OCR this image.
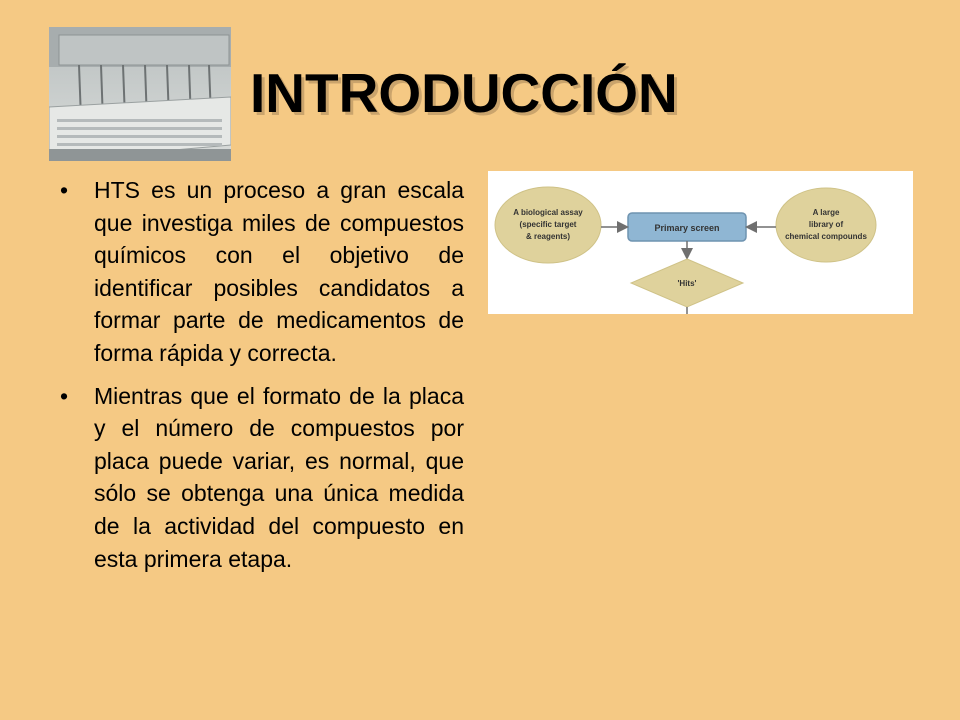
INTRODUCCIÓN
•	HTS es un proceso a gran escala que investiga miles de compuestos químicos con el objetivo de identificar posibles candidatos a formar parte de medicamentos de forma rápida y correcta.
•	Mientras que el formato de la placa y el número de compuestos por placa puede variar, es normal, que sólo se obtenga una única medida de la actividad del compuesto en esta primera etapa.
A biological assay
(specific target
& reagents)
Primary screen
A large
library of
chemical compounds
'Hits'
